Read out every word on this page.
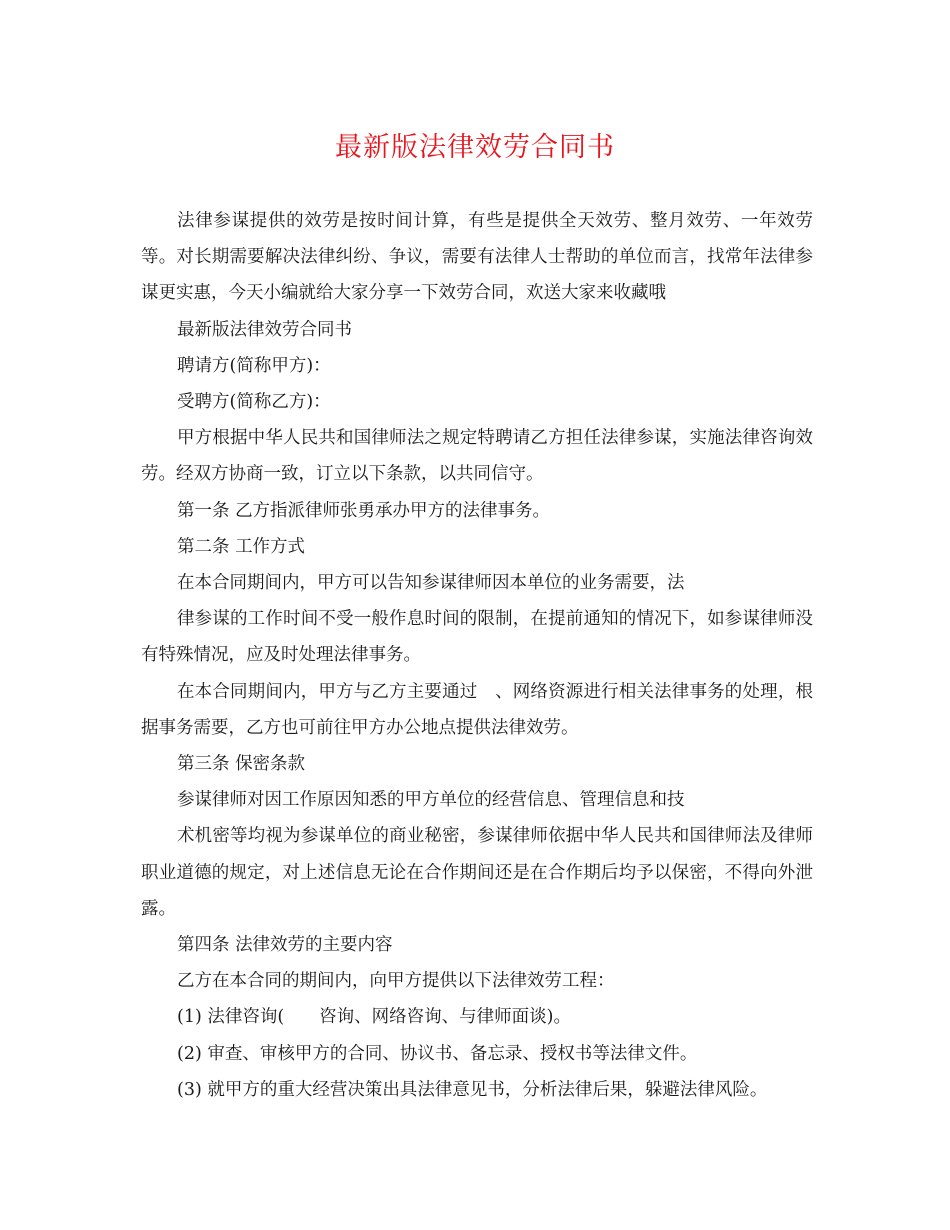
最新版法律效劳合同书

法律参谋提供的效劳是按时间计算，有些是提供全天效劳、整月效劳、一年效劳等。对长期需要解决法律纠纷、争议，需要有法律人士帮助的单位而言，找常年法律参谋更实惠，今天小编就给大家分享一下效劳合同，欢送大家来收藏哦

最新版法律效劳合同书

聘请方(简称甲方)：

受聘方(简称乙方)：

甲方根据中华人民共和国律师法之规定特聘请乙方担任法律参谋，实施法律咨询效劳。经双方协商一致，订立以下条款，以共同信守。

第一条 乙方指派律师张勇承办甲方的法律事务。

第二条 工作方式

在本合同期间内，甲方可以告知参谋律师因本单位的业务需要，法

律参谋的工作时间不受一般作息时间的限制，在提前通知的情况下，如参谋律师没有特殊情况，应及时处理法律事务。

在本合同期间内，甲方与乙方主要通过　、网络资源进行相关法律事务的处理，根据事务需要，乙方也可前往甲方办公地点提供法律效劳。

第三条 保密条款

参谋律师对因工作原因知悉的甲方单位的经营信息、管理信息和技

术机密等均视为参谋单位的商业秘密，参谋律师依据中华人民共和国律师法及律师职业道德的规定，对上述信息无论在合作期间还是在合作期后均予以保密，不得向外泄露。

第四条 法律效劳的主要内容

乙方在本合同的期间内，向甲方提供以下法律效劳工程：

(1) 法律咨询(　　咨询、网络咨询、与律师面谈)。

(2) 审查、审核甲方的合同、协议书、备忘录、授权书等法律文件。

(3) 就甲方的重大经营决策出具法律意见书，分析法律后果，躲避法律风险。
